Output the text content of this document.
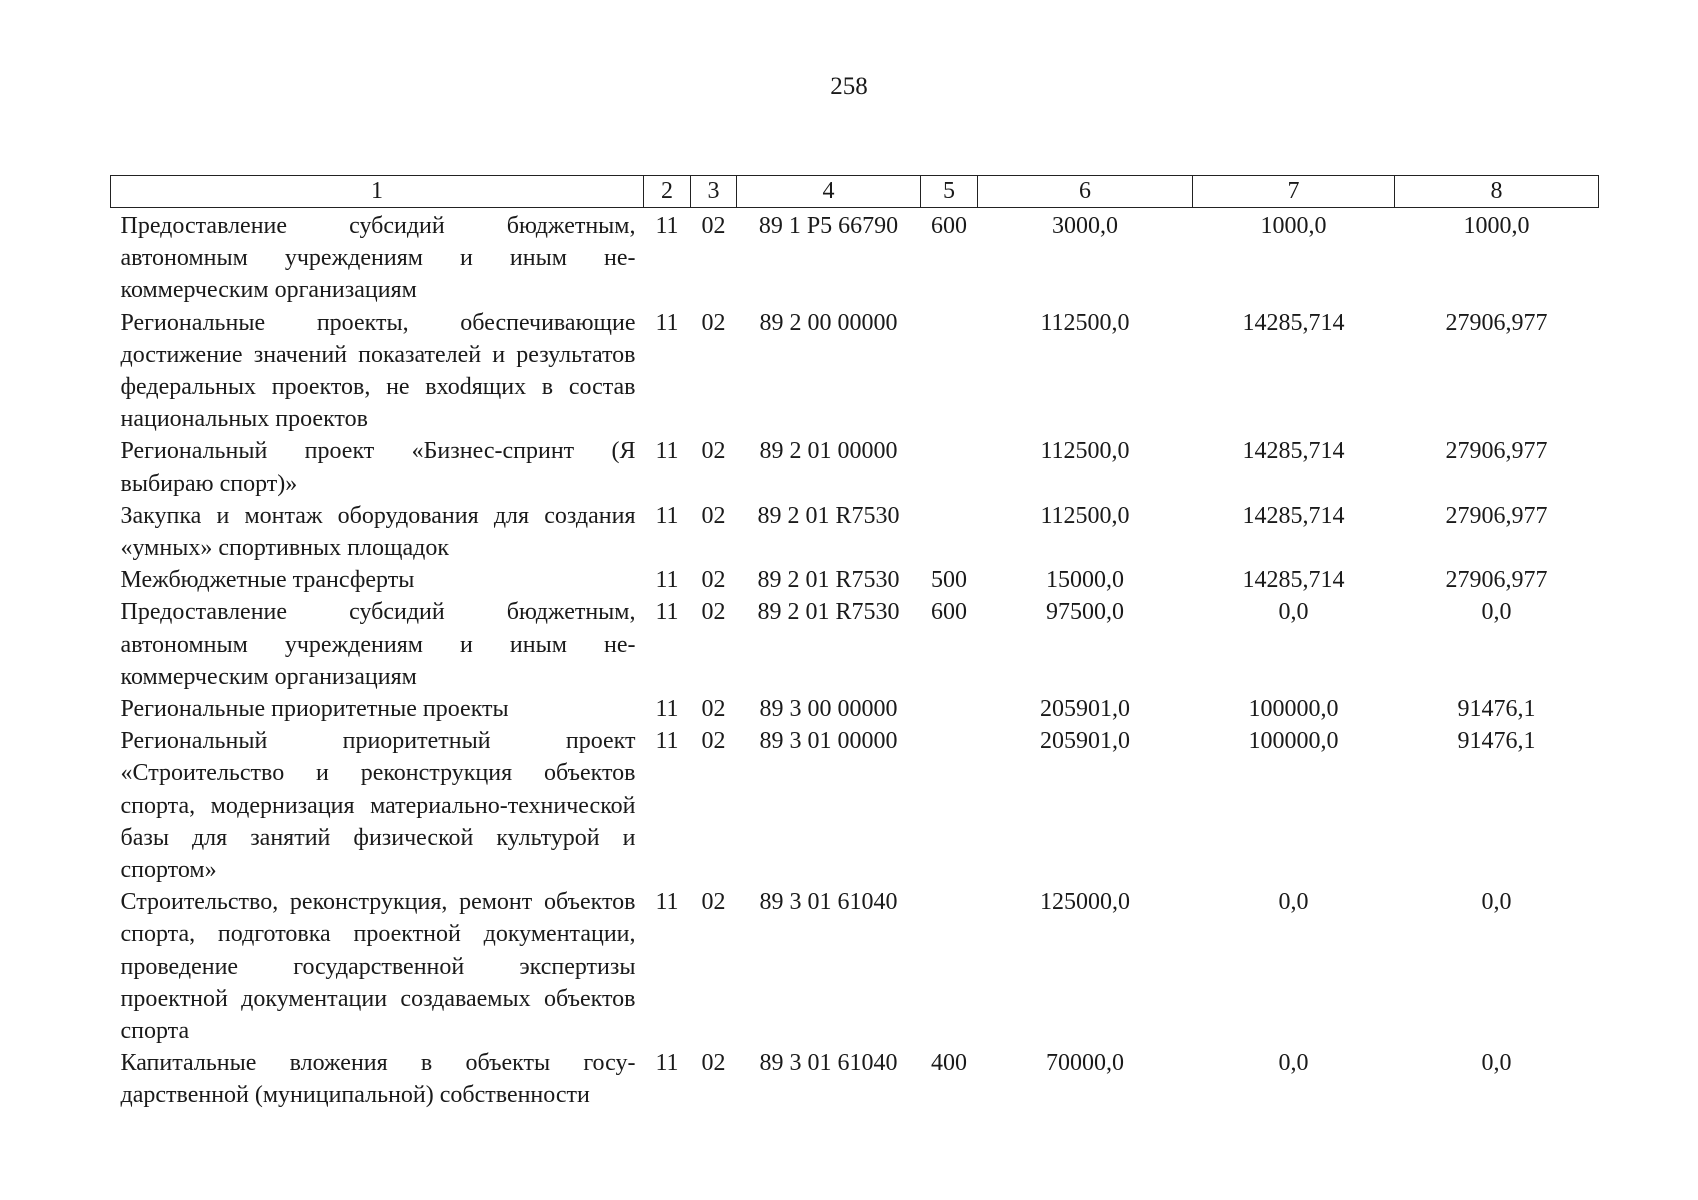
258
1	2	3	4	5	6	7	8
Предоставление субсидий бюджетным, автономным учреждениям и иным некоммерческим организациям	11	02	89 1 P5 66790	600	3000,0	1000,0	1000,0
Региональные проекты, обеспечивающие достижение значений показателей и результатов федеральных проектов, не вхоdящих в состав национальных проектов	11	02	89 2 00 00000		112500,0	14285,714	27906,977
Региональный проект «Бизнес-спринт (Я выбираю спорт)»	11	02	89 2 01 00000		112500,0	14285,714	27906,977
Закупка и монтаж оборудования для создания «умных» спортивных площадок	11	02	89 2 01 R7530		112500,0	14285,714	27906,977
Межбюджетные трансферты	11	02	89 2 01 R7530	500	15000,0	14285,714	27906,977
Предоставление субсидий бюджетным, автономным учреждениям и иным некоммерческим организациям	11	02	89 2 01 R7530	600	97500,0	0,0	0,0
Региональные приоритетные проекты	11	02	89 3 00 00000		205901,0	100000,0	91476,1
Региональный приоритетный проект «Строительство и реконструкция объектов спорта, модернизация материально-технической базы для занятий физической культурой и спортом»	11	02	89 3 01 00000		205901,0	100000,0	91476,1
Строительство, реконструкция, ремонт объектов спорта, подготовка проектной документации, проведение государственной экспертизы проектной документации создаваемых объектов спорта	11	02	89 3 01 61040		125000,0	0,0	0,0
Капитальные вложения в объекты государственной (муниципальной) собственности	11	02	89 3 01 61040	400	70000,0	0,0	0,0
